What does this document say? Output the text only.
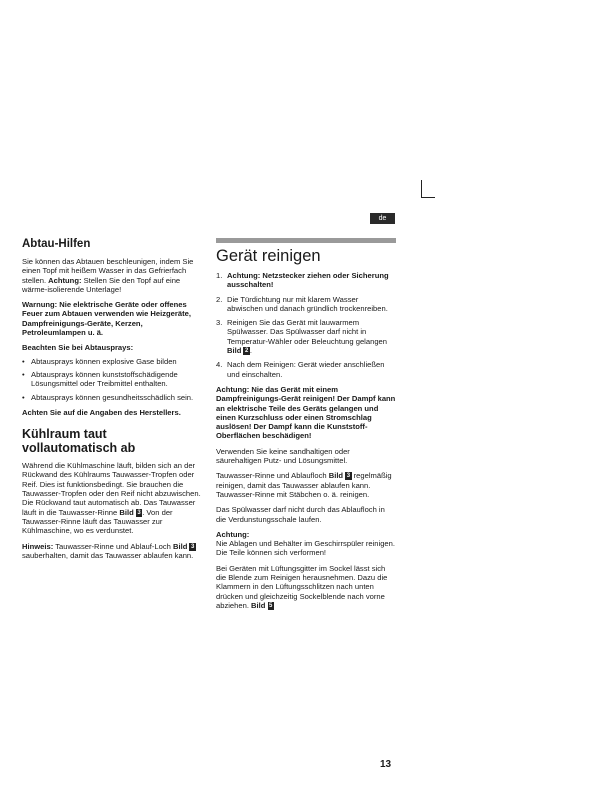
de
Abtau-Hilfen

Sie können das Abtauen beschleunigen, indem Sie einen Topf mit heißem Wasser in das Gefrierfach stellen. Achtung: Stellen Sie den Topf auf eine wärme-isolierende Unterlage!

Warnung: Nie elektrische Geräte oder offenes Feuer zum Abtauen verwenden wie Heizgeräte, Dampfreinigungs-Geräte, Kerzen, Petroleumlampen u. ä.

Beachten Sie bei Abtausprays:

• Abtausprays können explosive Gase bilden
• Abtausprays können kunststoffschädigende Lösungsmittel oder Treibmittel enthalten.
• Abtausprays können gesundheitsschädlich sein.

Achten Sie auf die Angaben des Herstellers.

Kühlraum taut vollautomatisch ab

Während die Kühlmaschine läuft, bilden sich an der Rückwand des Kühlraums Tauwasser-Tropfen oder Reif. Dies ist funktionsbedingt. Sie brauchen die Tauwasser-Tropfen oder den Reif nicht abzuwischen. Die Rückwand taut automatisch ab. Das Tauwasser läuft in die Tauwasser-Rinne Bild 3 . Von der Tauwasser-Rinne läuft das Tauwasser zur Kühlmaschine, wo es verdunstet.

Hinweis: Tauwasser-Rinne und Ablauf-Loch Bild 3 sauberhalten, damit das Tauwasser ablaufen kann.

Gerät reinigen
1. Achtung: Netzstecker ziehen oder Sicherung ausschalten!
2. Die Türdichtung nur mit klarem Wasser abwischen und danach gründlich trockenreiben.
3. Reinigen Sie das Gerät mit lauwarmem Spülwasser. Das Spülwasser darf nicht in Temperatur-Wähler oder Beleuchtung gelangen Bild 2 .
4. Nach dem Reinigen: Gerät wieder anschließen und einschalten.

Achtung: Nie das Gerät mit einem Dampfreinigungs-Gerät reinigen! Der Dampf kann an elektrische Teile des Geräts gelangen und einen Kurzschluss oder einen Stromschlag auslösen! Der Dampf kann die Kunststoff-Oberflächen beschädigen!

Verwenden Sie keine sandhaltigen oder säurehaltigen Putz- und Lösungsmittel.

Tauwasser-Rinne und Ablaufloch Bild 3 regelmäßig reinigen, damit das Tauwasser ablaufen kann. Tauwasser-Rinne mit Stäbchen o. ä. reinigen.

Das Spülwasser darf nicht durch das Ablaufloch in die Verdunstungsschale laufen.

Achtung:
Nie Ablagen und Behälter im Geschirrspüler reinigen. Die Teile können sich verformen!

Bei Geräten mit Lüftungsgitter im Sockel lässt sich die Blende zum Reinigen herausnehmen. Dazu die Klammern in den Lüftungsschlitzen nach unten drücken und gleichzeitig Sockelblende nach vorne abziehen. Bild 5

13
